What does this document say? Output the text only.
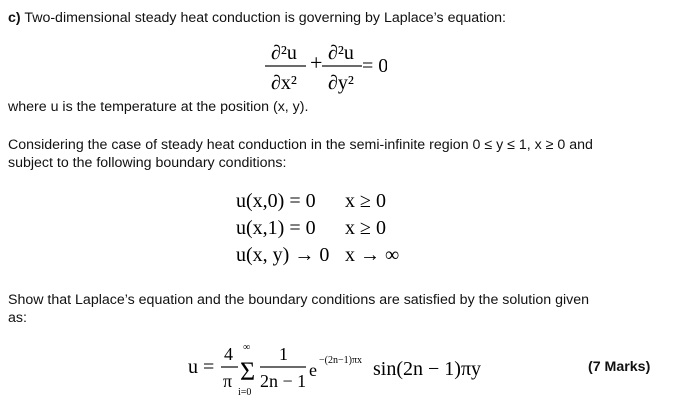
c) Two-dimensional steady heat conduction is governing by Laplace’s equation:
∂²u
∂x²
+ ∂²u
∂y²
= 0
where u is the temperature at the position (x, y).
Considering the case of steady heat conduction in the semi-infinite region 0 ≤ y ≤ 1, x ≥ 0 and
subject to the following boundary conditions:
u(x,0) = 0 x ≥ 0
u(x,1) = 0 x ≥ 0
u(x, y) → 0 x → ∞
Show that Laplace’s equation and the boundary conditions are satisfied by the solution given
as:
u =
4
π
∞
Σ
i=0
1
2n − 1
e −(2n−1)πx sin(2n − 1)πy	(7 Marks)
